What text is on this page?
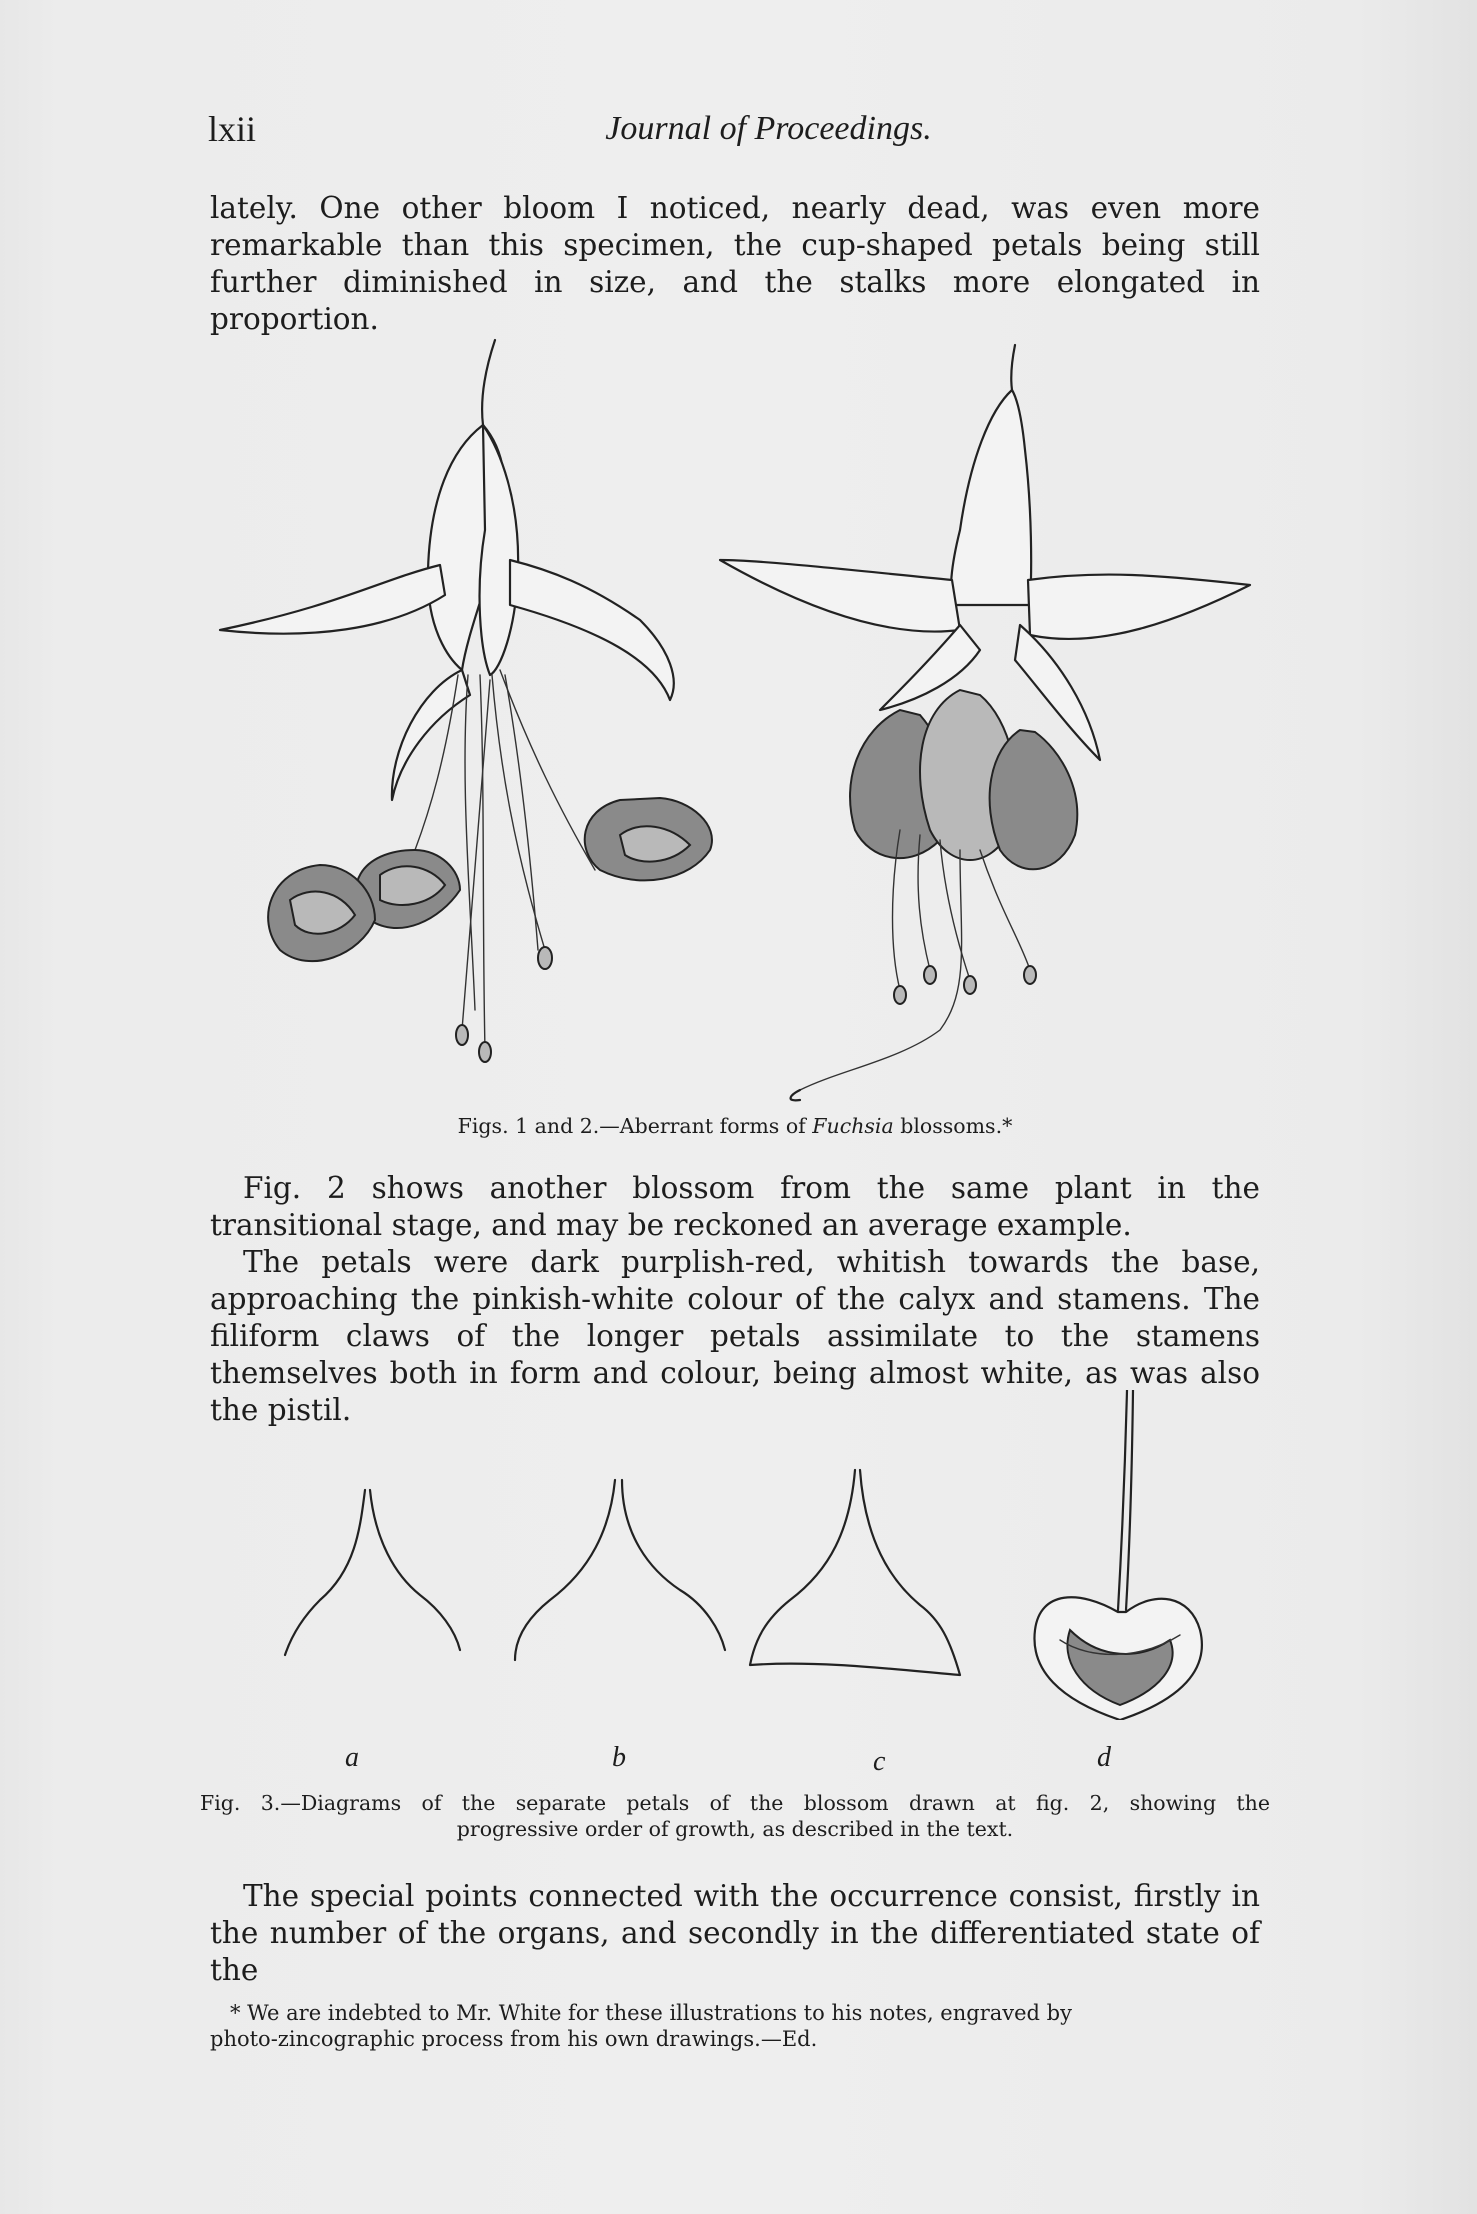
lxii	Journal of Proceedings.

lately. One other bloom I noticed, nearly dead, was even more remarkable than this specimen, the cup-shaped petals being still further diminished in size, and the stalks more elongated in proportion.

Figs. 1 and 2.—Aberrant forms of Fuchsia blossoms.*

Fig. 2 shows another blossom from the same plant in the transitional stage, and may be reckoned an average example.

The petals were dark purplish-red, whitish towards the base, approaching the pinkish-white colour of the calyx and stamens. The filiform claws of the longer petals assimilate to the stamens themselves both in form and colour, being almost white, as was also the pistil.

a	b	c	d
Fig. 3.—Diagrams of the separate petals of the blossom drawn at fig. 2, showing the
progressive order of growth, as described in the text.

The special points connected with the occurrence consist, firstly in the number of the organs, and secondly in the differentiated state of the

* We are indebted to Mr. White for these illustrations to his notes, engraved by
photo-zincographic process from his own drawings.—Ed.
